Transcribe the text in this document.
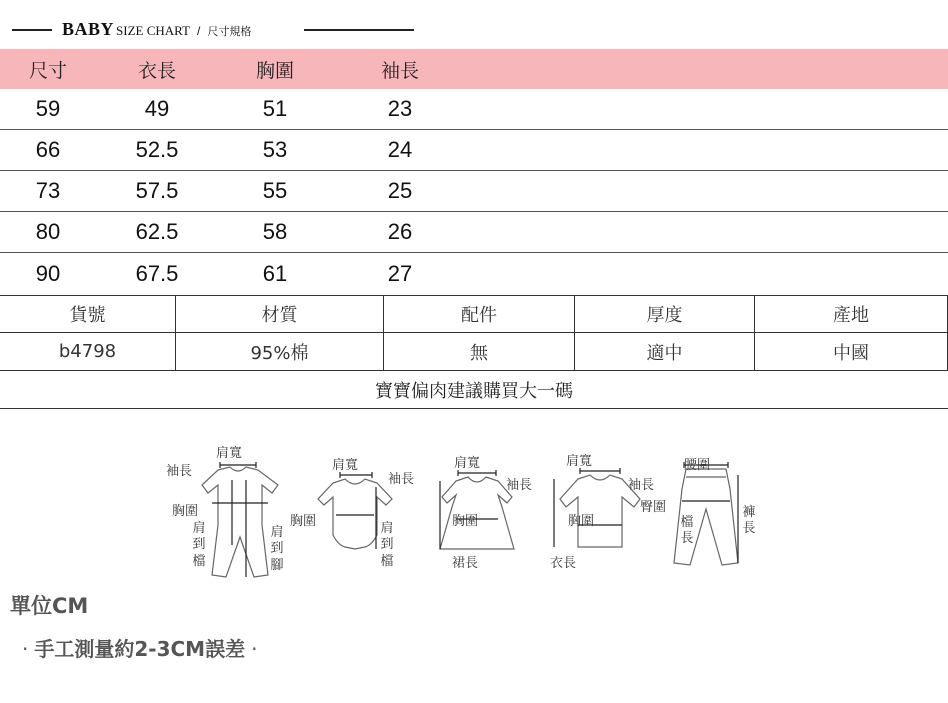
BABY SIZE CHART / 尺寸規格
尺寸	衣長	胸圍	袖長
59	49	51	23
66	52.5	53	24
73	57.5	55	25
80	62.5	58	26
90	67.5	61	27
貨號	材質	配件	厚度	產地
b4798	95%棉	無	適中	中國
寶寶偏肉建議購買大一碼
肩寬
袖長
胸圍
肩到檔
肩到腳
肩寬
袖長
胸圍	肩到檔
肩寬
袖長
胸圍
裙長
肩寬
袖長
胸圍
衣長
腰圍
臀圍
檔長
褲長
單位CM
· 手工測量約2-3CM誤差 ·
